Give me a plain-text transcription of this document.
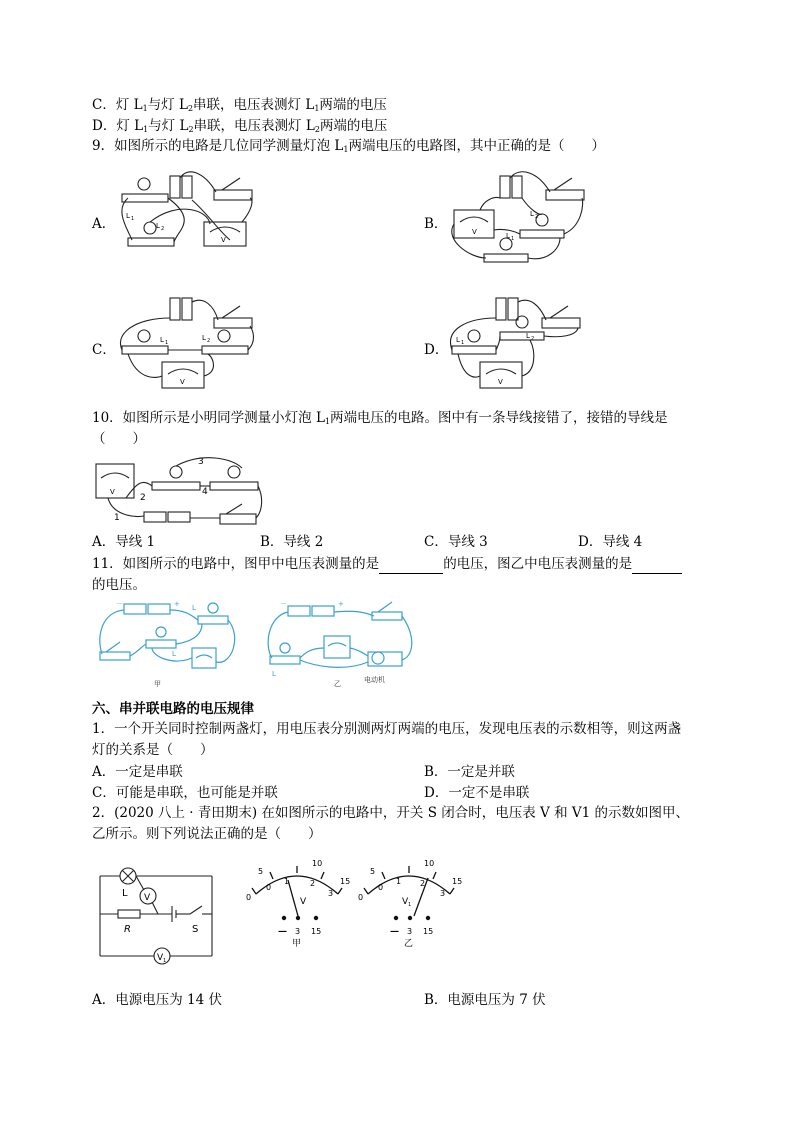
C．灯 $L_1$与灯 $L_2$串联，电压表测灯 $L_1$两端的电压
D．灯 $L_1$与灯 $L_2$串联，电压表测灯 $L_2$两端的电压
9．如图所示的电路是几位同学测量灯泡 $L_1$两端电压的电路图，其中正确的是（　　）
A．	B．
C．	D．
L 1
L 2
V
V
L 2
L 1
L 1
L 2
V
L 1
L 2
V
10．如图所示是小明同学测量小灯泡 $L_1$两端电压的电路。图中有一条导线接错了，接错的导线是
（　　）
V
1
2
3
4
A．导线 1	B．导线 2	C．导线 3	D．导线 4
11．如图所示的电路中，图甲中电压表测量的是	的电压，图乙中电压表测量的是
的电压。
－	+ L
L
甲
－	+
L
乙	电动机
六、串并联电路的电压规律
1．一个开关同时控制两盏灯，用电压表分别测两灯两端的电压，发现电压表的示数相等，则这两盏
灯的关系是（　　）
A．一定是串联	B．一定是并联
C．可能是串联，也可能是并联	D．一定不是串联
2．(2020 八上 · 青田期末) 在如图所示的电路中，开关 S 闭合时，电压表 V 和 V1 的示数如图甲、
乙所示。则下列说法正确的是（　　）
L V
R	S
V 1
5
10
15
0
0
1	2
3
V
— 3 15
甲
5
10
15
0
0
1 2
3
V 1
— 3 15
乙
A．电源电压为 14 伏	B．电源电压为 7 伏
